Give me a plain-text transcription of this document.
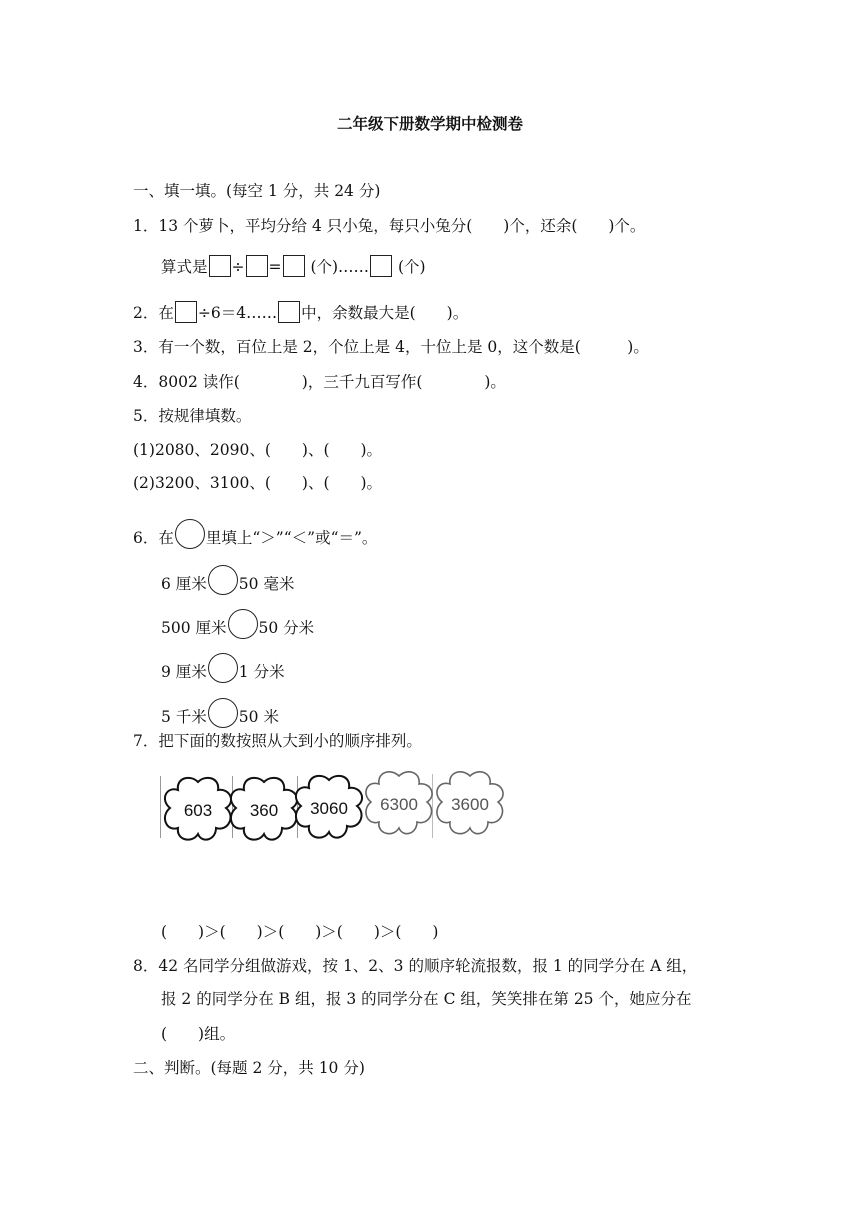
二年级下册数学期中检测卷
一、填一填。(每空 1 分，共 24 分)
1．13 个萝卜，平均分给 4 只小兔，每只小兔分(　　)个，还余(　　)个。
算式是 ÷ = (个)…… (个)
2．在 ÷6＝4…… 中，余数最大是(　　)。
3．有一个数，百位上是 2，个位上是 4，十位上是 0，这个数是(　　　)。
4．8002 读作(　　　　)，三千九百写作(　　　　)。
5．按规律填数。
(1)2080、2090、(　　)、(　　)。
(2)3200、3100、(　　)、(　　)。
6．在 里填上“＞”“＜”或“＝”。
6 厘米 50 毫米
500 厘米 50 分米
9 厘米 1 分米
5 千米 50 米
7．把下面的数按照从大到小的顺序排列。
603	360	3060	6300	3600
(　　)＞(　　)＞(　　)＞(　　)＞(　　)
8．42 名同学分组做游戏，按 1、2、3 的顺序轮流报数，报 1 的同学分在 A 组，
报 2 的同学分在 B 组，报 3 的同学分在 C 组，笑笑排在第 25 个，她应分在
(　　)组。
二、判断。(每题 2 分，共 10 分)
